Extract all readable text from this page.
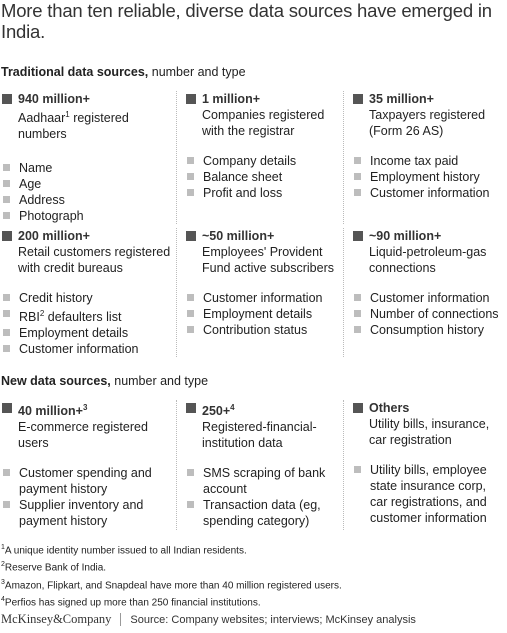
More than ten reliable, diverse data sources have emerged in India.
Traditional data sources, number and type
940 million+
Aadhaar$^1$ registered numbers
Name
Age
Address
Photograph
1 million+
Companies registered with the registrar
Company details
Balance sheet
Profit and loss
35 million+
Taxpayers registered (Form 26 AS)
Income tax paid
Employment history
Customer information
200 million+
Retail customers registered with credit bureaus
Credit history
RBI$^2$ defaulters list
Employment details
Customer information
~50 million+
Employees' Provident Fund active subscribers
Customer information
Employment details
Contribution status
~90 million+
Liquid-petroleum-gas connections
Customer information
Number of connections
Consumption history
New data sources, number and type
40 million+$^3$
E-commerce registered users
Customer spending and payment history
Supplier inventory and payment history
250+$^4$
Registered-financial-institution data
SMS scraping of bank account
Transaction data (eg, spending category)
Others
Utility bills, insurance, car registration
Utility bills, employee state insurance corp, car registrations, and customer information
$^1$A unique identity number issued to all Indian residents.
$^2$Reserve Bank of India.
$^3$Amazon, Flipkart, and Snapdeal have more than 40 million registered users.
$^4$Perfios has signed up more than 250 financial institutions.
McKinsey&Company Source: Company websites; interviews; McKinsey analysis
